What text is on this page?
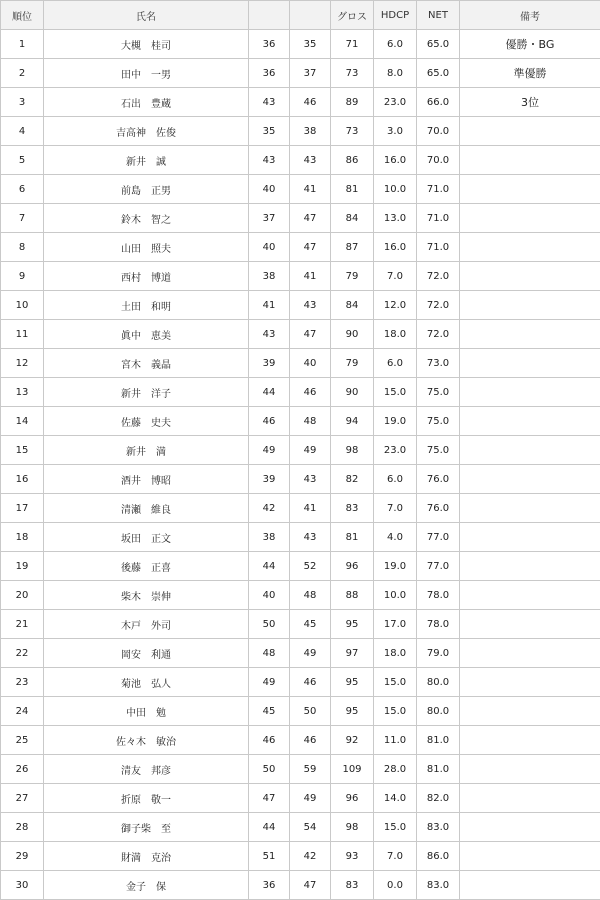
順位	氏名			グロス	HDCP	NET	備考
1	大槻　桂司	36	35	71	6.0	65.0	優勝・BG
2	田中　一男	36	37	73	8.0	65.0	準優勝
3	石出　豊蔵	43	46	89	23.0	66.0	3位
4	吉高神　佐俊	35	38	73	3.0	70.0	
5	新井　誠	43	43	86	16.0	70.0	
6	前島　正男	40	41	81	10.0	71.0	
7	鈴木　智之	37	47	84	13.0	71.0	
8	山田　照夫	40	47	87	16.0	71.0	
9	西村　博道	38	41	79	7.0	72.0	
10	土田　和明	41	43	84	12.0	72.0	
11	眞中　恵美	43	47	90	18.0	72.0	
12	宮木　義晶	39	40	79	6.0	73.0	
13	新井　洋子	44	46	90	15.0	75.0	
14	佐藤　史夫	46	48	94	19.0	75.0	
15	新井　満	49	49	98	23.0	75.0	
16	酒井　博昭	39	43	82	6.0	76.0	
17	清瀬　維良	42	41	83	7.0	76.0	
18	坂田　正文	38	43	81	4.0	77.0	
19	後藤　正喜	44	52	96	19.0	77.0	
20	柴木　崇伸	40	48	88	10.0	78.0	
21	木戸　外司	50	45	95	17.0	78.0	
22	岡安　利通	48	49	97	18.0	79.0	
23	菊池　弘人	49	46	95	15.0	80.0	
24	中田　勉	45	50	95	15.0	80.0	
25	佐々木　敏治	46	46	92	11.0	81.0	
26	清友　邦彦	50	59	109	28.0	81.0	
27	折原　敬一	47	49	96	14.0	82.0	
28	御子柴　至	44	54	98	15.0	83.0	
29	財満　克治	51	42	93	7.0	86.0	
30	金子　保	36	47	83	0.0	83.0	
